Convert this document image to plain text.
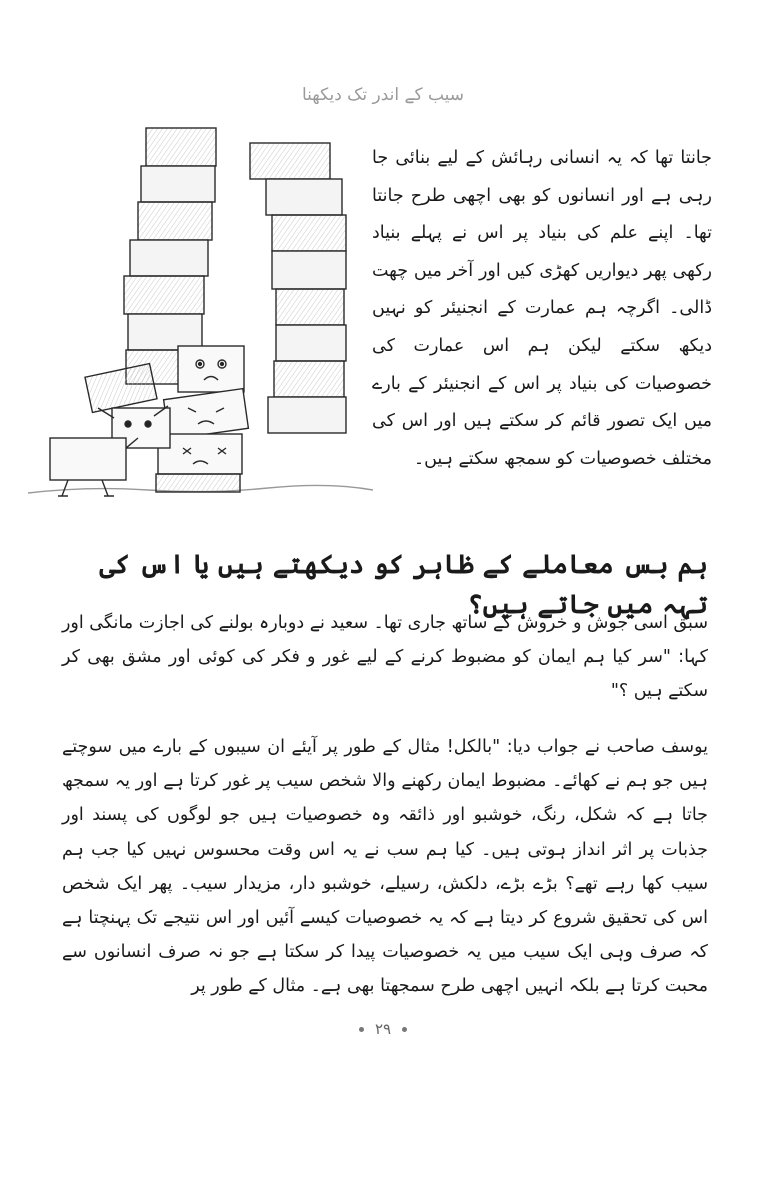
سیب کے اندر تک دیکھنا
جانتا تھا کہ یہ انسانی رہائش کے لیے بنائی جا رہی ہے اور انسانوں کو بھی اچھی طرح جانتا تھا۔ اپنے علم کی بنیاد پر اس نے پہلے بنیاد رکھی پھر دیواریں کھڑی کیں اور آخر میں چھت ڈالی۔ اگرچہ ہم عمارت کے انجنیئر کو نہیں دیکھ سکتے لیکن ہم اس عمارت کی خصوصیات کی بنیاد پر اس کے انجنیئر کے بارے میں ایک تصور قائم کر سکتے ہیں اور اس کی مختلف خصوصیات کو سمجھ سکتے ہیں۔
ہم بس معاملے کے ظاہر کو دیکھتے ہیں یا اس کی تہہ میں جاتے ہیں؟

سبق اسی جوش و خروش کے ساتھ جاری تھا۔ سعید نے دوبارہ بولنے کی اجازت مانگی اور کہا: "سر کیا ہم ایمان کو مضبوط کرنے کے لیے غور و فکر کی کوئی اور مشق بھی کر سکتے ہیں ؟"

یوسف صاحب نے جواب دیا: "بالکل! مثال کے طور پر آیئے ان سیبوں کے بارے میں سوچتے ہیں جو ہم نے کھائے۔ مضبوط ایمان رکھنے والا شخص سیب پر غور کرتا ہے اور یہ سمجھ جاتا ہے کہ شکل، رنگ، خوشبو اور ذائقہ وہ خصوصیات ہیں جو لوگوں کی پسند اور جذبات پر اثر انداز ہوتی ہیں۔ کیا ہم سب نے یہ اس وقت محسوس نہیں کیا جب ہم سیب کھا رہے تھے؟ بڑے بڑے، دلکش، رسیلے، خوشبو دار، مزیدار سیب۔ پھر ایک شخص اس کی تحقیق شروع کر دیتا ہے کہ یہ خصوصیات کیسے آئیں اور اس نتیجے تک پہنچتا ہے کہ صرف وہی ایک سیب میں یہ خصوصیات پیدا کر سکتا ہے جو نہ صرف انسانوں سے محبت کرتا ہے بلکہ انہیں اچھی طرح سمجھتا بھی ہے۔ مثال کے طور پر

۲۹
